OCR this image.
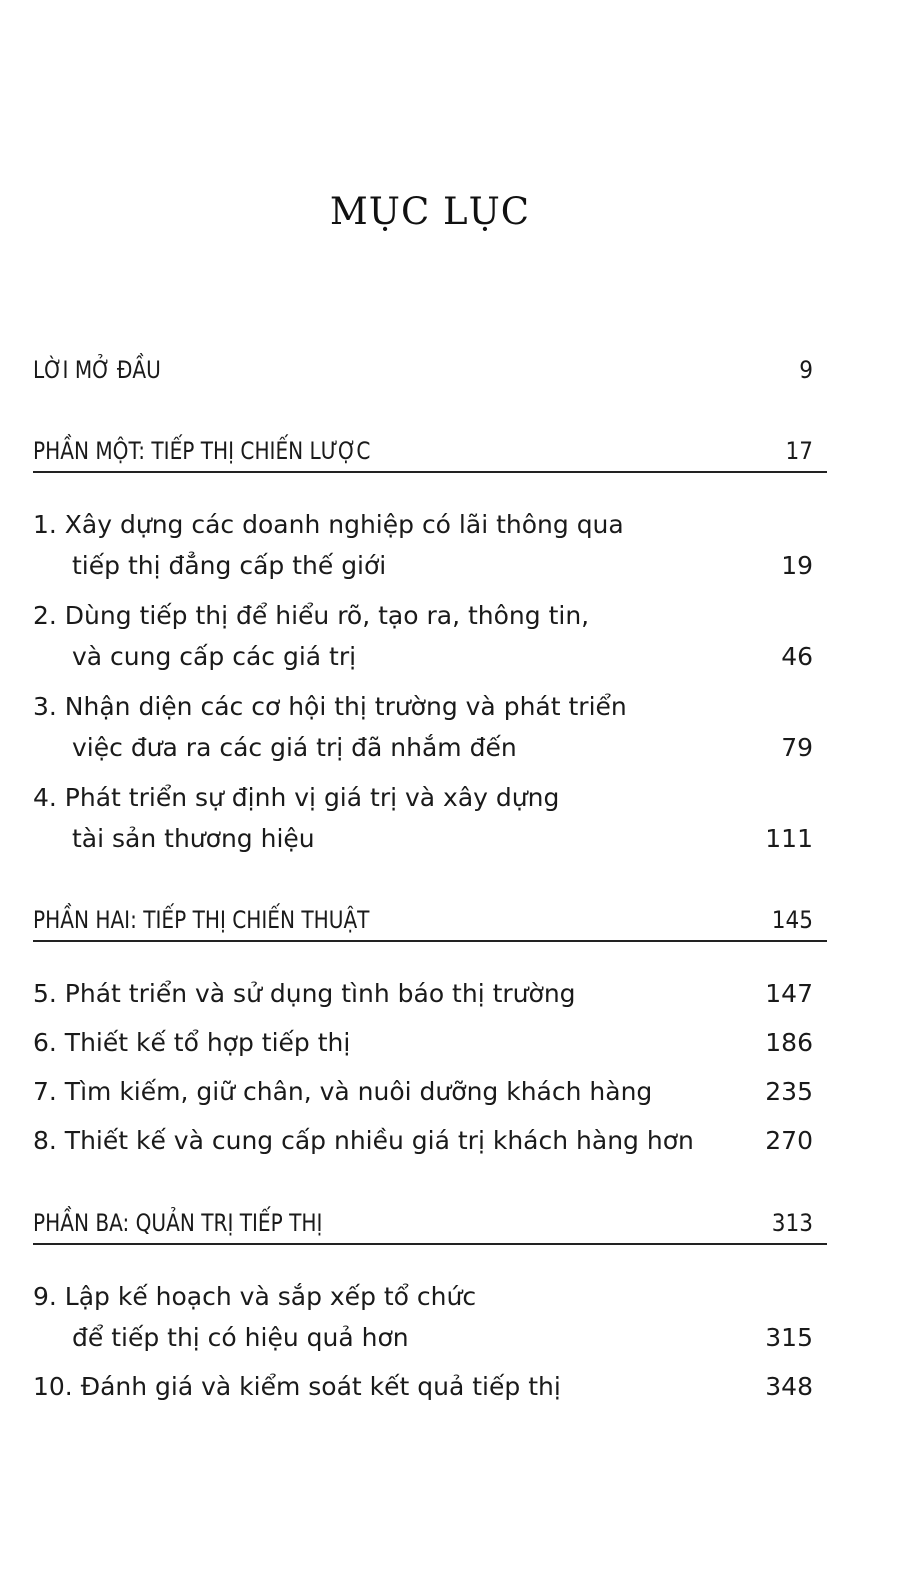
MỤC LỤC
LỜI MỞ ĐẦU	9
PHẦN MỘT: TIẾP THỊ CHIẾN LƯỢC	17
1. Xây dựng các doanh nghiệp có lãi thông qua
tiếp thị đẳng cấp thế giới	19
2. Dùng tiếp thị để hiểu rõ, tạo ra, thông tin,
và cung cấp các giá trị	46
3. Nhận diện các cơ hội thị trường và phát triển
việc đưa ra các giá trị đã nhắm đến	79
4. Phát triển sự định vị giá trị và xây dựng
tài sản thương hiệu	111
PHẦN HAI: TIẾP THỊ CHIẾN THUẬT	145
5. Phát triển và sử dụng tình báo thị trường	147
6. Thiết kế tổ hợp tiếp thị	186
7. Tìm kiếm, giữ chân, và nuôi dưỡng khách hàng	235
8. Thiết kế và cung cấp nhiều giá trị khách hàng hơn	270
PHẦN BA: QUẢN TRỊ TIẾP THỊ	313
9. Lập kế hoạch và sắp xếp tổ chức
để tiếp thị có hiệu quả hơn	315
10. Đánh giá và kiểm soát kết quả tiếp thị	348
